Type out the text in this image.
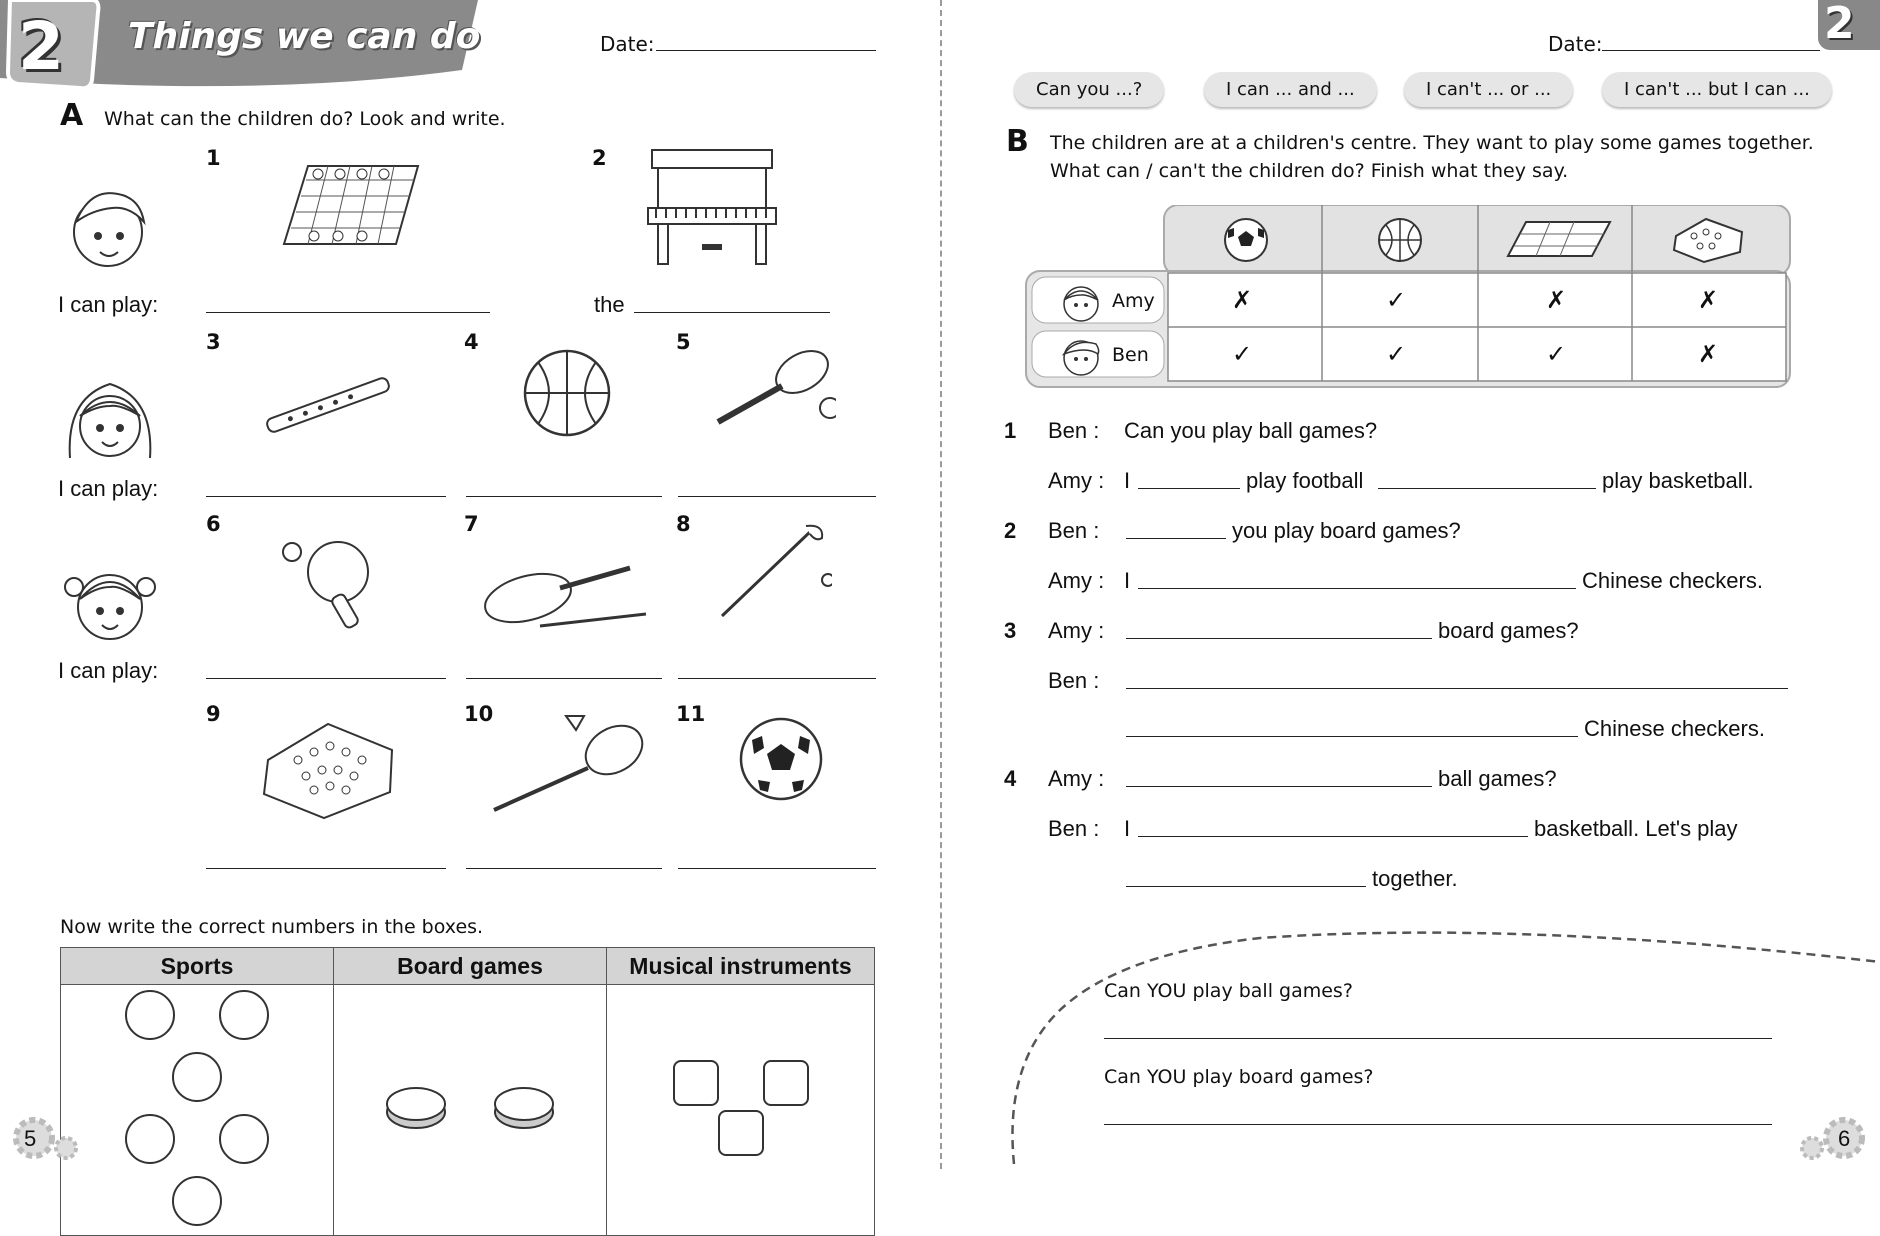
2 Things we can do	Date:
A What can the children do? Look and write.
I can play:
I can play:
I can play:
1	2
3	4	5
6	7	8
9	10	11
the
Now write the correct numbers in the boxes.
Sports	Board games	Musical instruments

5
2
Date:
Can you ...?	I can ... and ...	I can't ... or ...	I can't ... but I can ...
B The children are at a children's centre. They want to play some games together.
What can / can't the children do? Finish what they say.
Amy
Ben
✗	✓	✗	✗
✓	✓	✓	✗
1 Ben : Can you play ball games?
Amy : I	play football	play basketball.
2 Ben :	you play board games?
Amy : I	Chinese checkers.
3 Amy :	board games?
Ben :
Chinese checkers.
4 Amy :	ball games?
Ben : I	basketball. Let's play
together.
Can YOU play ball games?
Can YOU play board games?
6
